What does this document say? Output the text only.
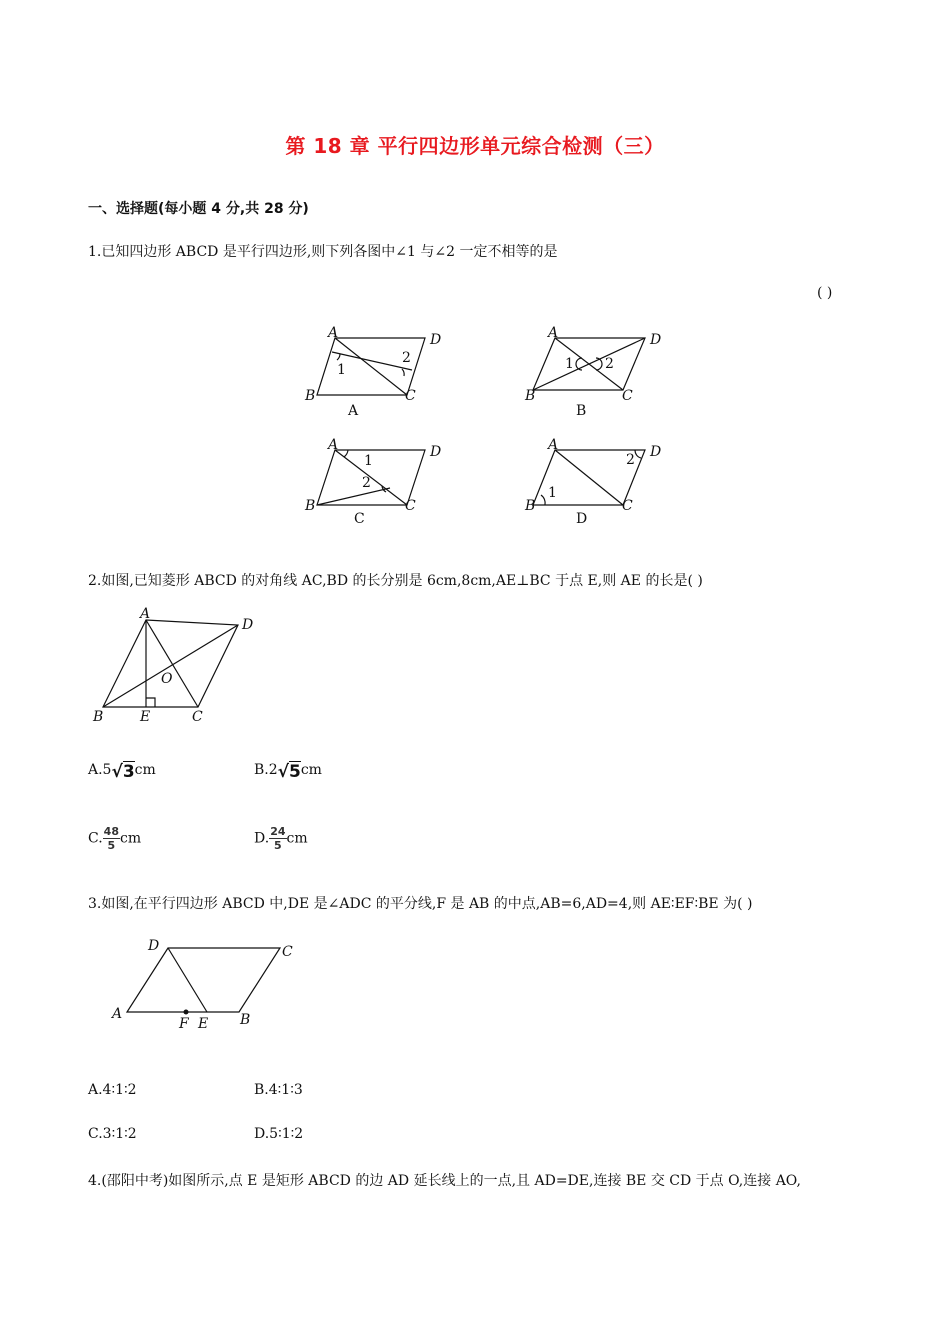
第 18 章 平行四边形单元综合检测（三）
一、选择题(每小题 4 分,共 28 分)
1.已知四边形 ABCD 是平行四边形,则下列各图中∠1 与∠2 一定不相等的是
( )
A	D
B	C
1
2
A
A	D
B	C
1 2
B
A	D
B	C
1
2
C
A	D
B	C
1
2
D
2.如图,已知菱形 ABCD 的对角线 AC,BD 的长分别是 6cm,8cm,AE⊥BC 于点 E,则 AE 的长是( )
A
D
B	E	C
O
A.5√3cm	B.2√5cm
C. $\frac{48}{5}$ cm	D. $\frac{24}{5}$ cm
3.如图,在平行四边形 ABCD 中,DE 是∠ADC 的平分线,F 是 AB 的中点,AB=6,AD=4,则 AE∶EF∶BE 为( )
D	C
A
F E B
A.4∶1∶2	B.4∶1∶3
C.3∶1∶2	D.5∶1∶2
4.(邵阳中考)如图所示,点 E 是矩形 ABCD 的边 AD 延长线上的一点,且 AD=DE,连接 BE 交 CD 于点 O,连接 AO,
